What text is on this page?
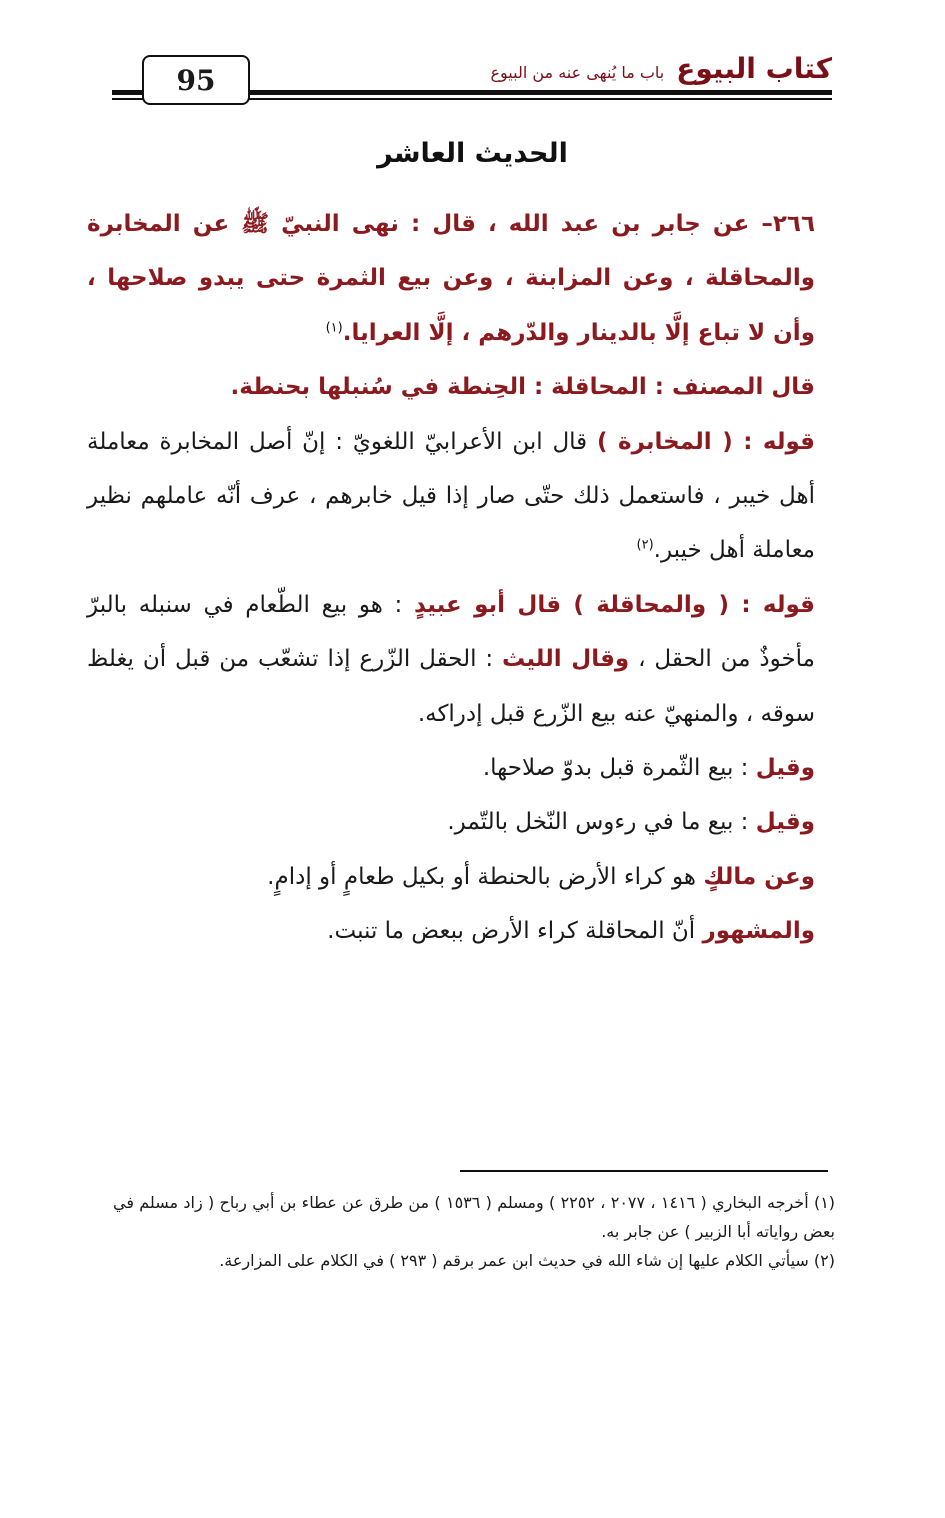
كتاب البيوع
باب ما يُنهى عنه من البيوع
95
الحديث العاشر

٢٦٦– عن جابر بن عبد الله ، قال : نهى النبيّ ﷺ عن المخابرة والمحاقلة ، وعن المزابنة ، وعن بيع الثمرة حتى يبدو صلاحها ، وأن لا تباع إلَّا بالدينار والدّرهم ، إلَّا العرايا.$^{(١)}$

قال المصنف : المحاقلة : الحِنطة في سُنبلها بحنطة.

قوله : ( المخابرة ) قال ابن الأعرابيّ اللغويّ : إنّ أصل المخابرة معاملة أهل خيبر ، فاستعمل ذلك حتّى صار إذا قيل خابرهم ، عرف أنّه عاملهم نظير معاملة أهل خيبر.$^{(٢)}$

قوله : ( والمحاقلة ) قال أبو عبيدٍ : هو بيع الطّعام في سنبله بالبرّ مأخوذٌ من الحقل ، وقال الليث : الحقل الزّرع إذا تشعّب من قبل أن يغلظ سوقه ، والمنهيّ عنه بيع الزّرع قبل إدراكه.

وقيل : بيع الثّمرة قبل بدوّ صلاحها.

وقيل : بيع ما في رءوس النّخل بالتّمر.

وعن مالكٍ هو كراء الأرض بالحنطة أو بكيل طعامٍ أو إدامٍ.

والمشهور أنّ المحاقلة كراء الأرض ببعض ما تنبت.

(١) أخرجه البخاري ( ١٤١٦ ، ٢٠٧٧ ، ٢٢٥٢ ) ومسلم ( ١٥٣٦ ) من طرق عن عطاء بن أبي رباح ( زاد مسلم في بعض رواياته أبا الزبير ) عن جابر به.

(٢) سيأتي الكلام عليها إن شاء الله في حديث ابن عمر برقم ( ٢٩٣ ) في الكلام على المزارعة.
